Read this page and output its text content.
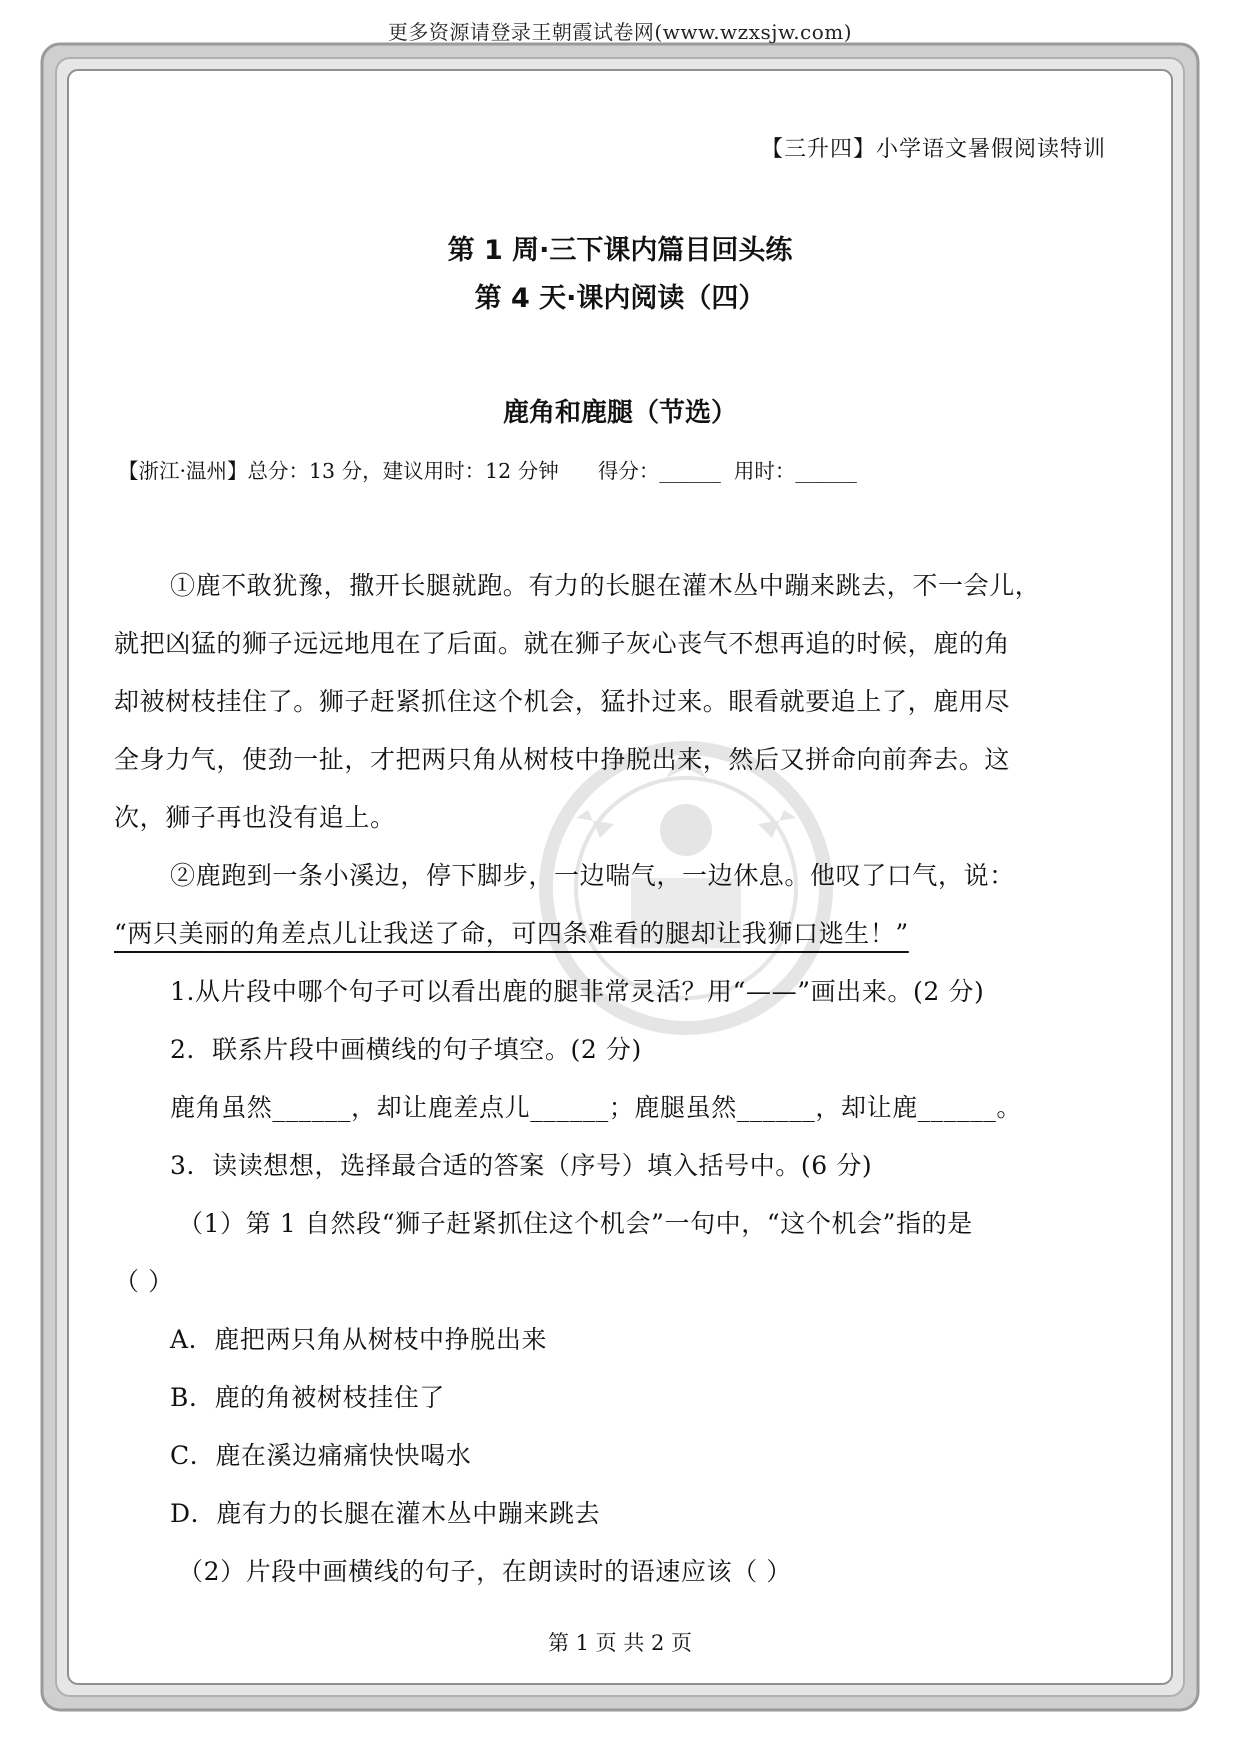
更多资源请登录王朝霞试卷网(www.wzxsjw.com)
【三升四】小学语文暑假阅读特训
第 1 周·三下课内篇目回头练
第 4 天·课内阅读（四）
鹿角和鹿腿（节选）
【浙江·温州】总分：13 分，建议用时：12 分钟      得分：______  用时：______
①鹿不敢犹豫，撒开长腿就跑。有力的长腿在灌木丛中蹦来跳去，不一会儿，
就把凶猛的狮子远远地甩在了后面。就在狮子灰心丧气不想再追的时候，鹿的角
却被树枝挂住了。狮子赶紧抓住这个机会，猛扑过来。眼看就要追上了，鹿用尽
全身力气，使劲一扯，才把两只角从树枝中挣脱出来，然后又拼命向前奔去。这
次，狮子再也没有追上。
②鹿跑到一条小溪边，停下脚步，一边喘气，一边休息。他叹了口气，说：
“两只美丽的角差点儿让我送了命，可四条难看的腿却让我狮口逃生！”
1.从片段中哪个句子可以看出鹿的腿非常灵活？用“——”画出来。(2 分)
2．联系片段中画横线的句子填空。(2 分)
鹿角虽然______，却让鹿差点儿______；鹿腿虽然______，却让鹿______。
3．读读想想，选择最合适的答案（序号）填入括号中。(6 分)
（1）第 1 自然段“狮子赶紧抓住这个机会”一句中，“这个机会”指的是
（ ）
A．鹿把两只角从树枝中挣脱出来
B．鹿的角被树枝挂住了
C．鹿在溪边痛痛快快喝水
D．鹿有力的长腿在灌木丛中蹦来跳去
（2）片段中画横线的句子，在朗读时的语速应该（ ）
第 1 页 共 2 页
